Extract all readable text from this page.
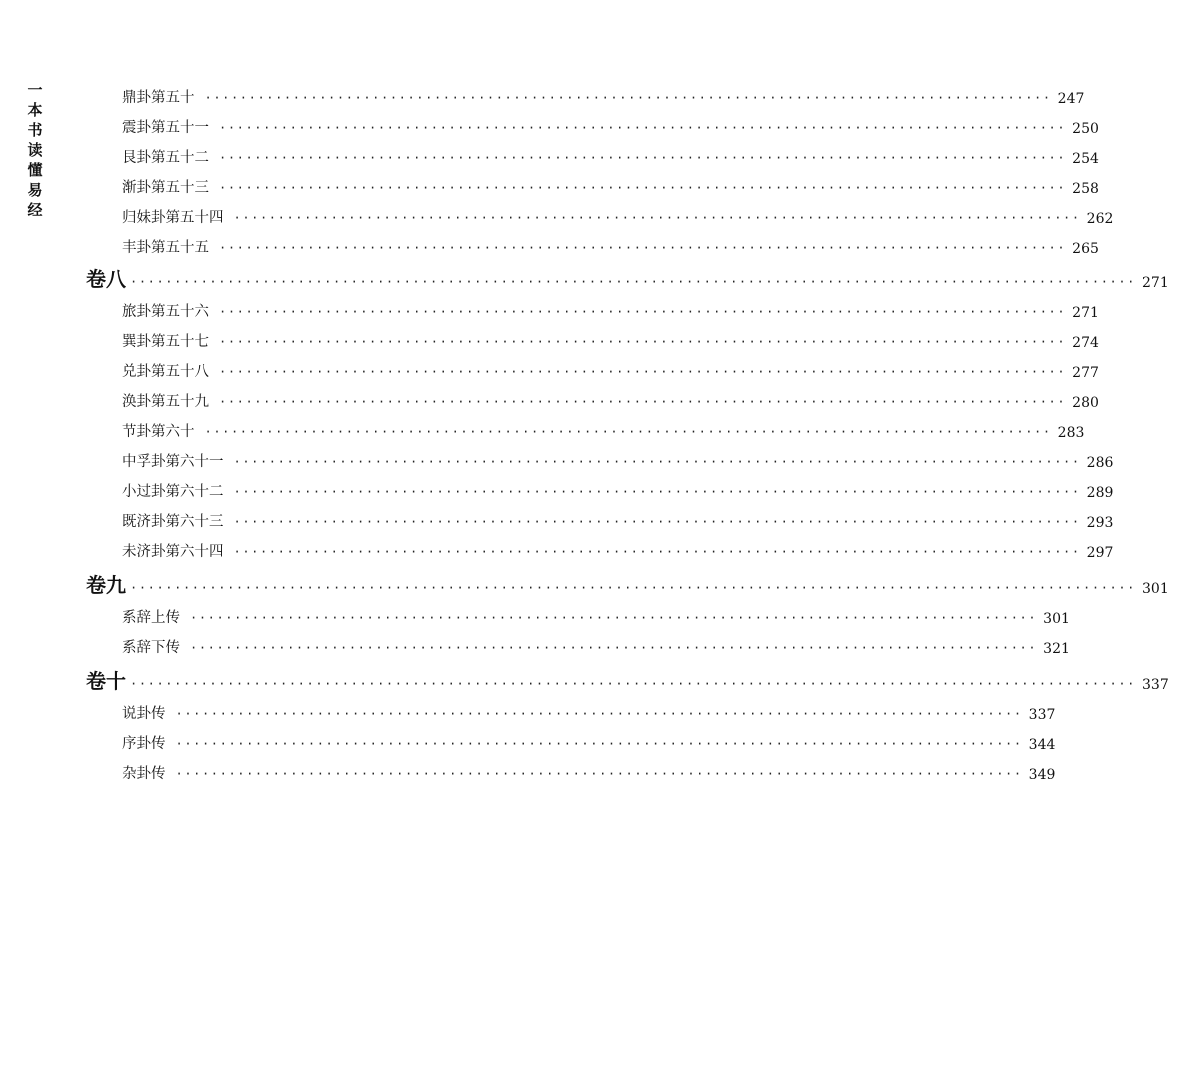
一本书读懂易经
鼎卦第五十 ································································································ 247
震卦第五十一 ································································································ 250
艮卦第五十二 ································································································ 254
渐卦第五十三 ································································································ 258
归妹卦第五十四 ································································································ 262
丰卦第五十五 ································································································ 265
卷八 ·················································································································· 271
旅卦第五十六 ································································································ 271
巽卦第五十七 ································································································ 274
兑卦第五十八 ································································································ 277
涣卦第五十九 ································································································ 280
节卦第六十 ································································································ 283
中孚卦第六十一 ································································································ 286
小过卦第六十二 ································································································ 289
既济卦第六十三 ································································································ 293
未济卦第六十四 ································································································ 297
卷九 ·················································································································· 301
系辞上传 ································································································ 301
系辞下传 ································································································ 321
卷十 ·················································································································· 337
说卦传 ································································································ 337
序卦传 ································································································ 344
杂卦传 ································································································ 349
